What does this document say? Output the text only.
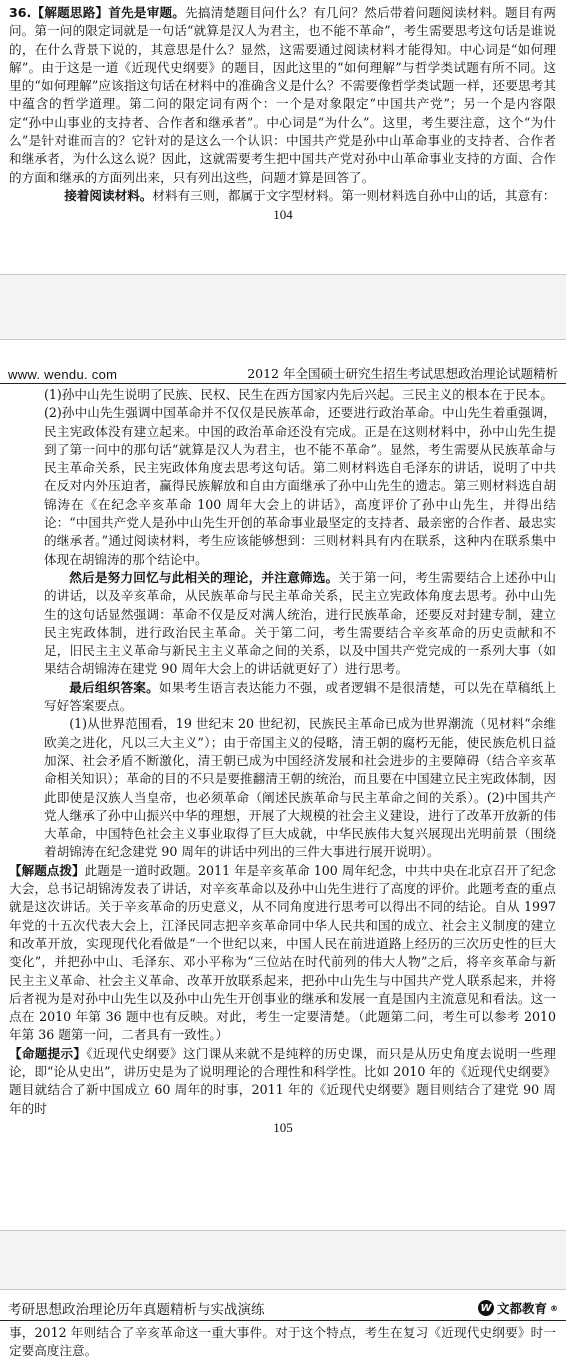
36.【解题思路】首先是审题。先搞清楚题目问什么？有几问？然后带着问题阅读材料。题目有两问。第一问的限定词就是一句话“就算是汉人为君主，也不能不革命”，考生需要思考这句话是谁说的，在什么背景下说的，其意思是什么？显然，这需要通过阅读材料才能得知。中心词是“如何理解”。由于这是一道《近现代史纲要》的题目，因此这里的“如何理解”与哲学类试题有所不同。这里的“如何理解”应该指这句话在材料中的准确含义是什么？不需要像哲学类试题一样，还要思考其中蕴含的哲学道理。第二问的限定词有两个：一个是对象限定“中国共产党”；另一个是内容限定“孙中山事业的支持者、合作者和继承者”。中心词是“为什么”。这里，考生要注意，这个“为什么”是针对谁而言的？它针对的是这么一个认识：中国共产党是孙中山革命事业的支持者、合作者和继承者，为什么这么说？因此，这就需要考生把中国共产党对孙中山革命事业支持的方面、合作的方面和继承的方面列出来，只有列出这些，问题才算是回答了。

接着阅读材料。材料有三则，都属于文字型材料。第一则材料选自孙中山的话，其意有：

104
www. wendu. com	2012 年全国硕士研究生招生考试思想政治理论试题精析

(1)孙中山先生说明了民族、民权、民生在西方国家内先后兴起。三民主义的根本在于民本。

(2)孙中山先生强调中国革命并不仅仅是民族革命，还要进行政治革命。中山先生着重强调，民主宪政体没有建立起来。中国的政治革命还没有完成。正是在这则材料中，孙中山先生提到了第一问中的那句话“就算是汉人为君主，也不能不革命”。显然，考生需要从民族革命与民主革命关系，民主宪政体角度去思考这句话。第二则材料选自毛泽东的讲话，说明了中共在反对内外压迫者，赢得民族解放和自由方面继承了孙中山先生的遗志。第三则材料选自胡锦涛在《在纪念辛亥革命 100 周年大会上的讲话》，高度评价了孙中山先生，并得出结论：“中国共产党人是孙中山先生开创的革命事业最坚定的支持者、最亲密的合作者、最忠实的继承者。”通过阅读材料，考生应该能够想到：三则材料具有内在联系，这种内在联系集中体现在胡锦涛的那个结论中。

然后是努力回忆与此相关的理论，并注意筛选。关于第一问，考生需要结合上述孙中山的讲话，以及辛亥革命，从民族革命与民主革命关系，民主立宪政体角度去思考。孙中山先生的这句话显然强调：革命不仅是反对满人统治，进行民族革命，还要反对封建专制，建立民主宪政体制，进行政治民主革命。关于第二问，考生需要结合辛亥革命的历史贡献和不足，旧民主主义革命与新民主主义革命之间的关系，以及中国共产党完成的一系列大事（如果结合胡锦涛在建党 90 周年大会上的讲话就更好了）进行思考。

最后组织答案。如果考生语言表达能力不强，或者逻辑不是很清楚，可以先在草稿纸上写好答案要点。

(1)从世界范围看，19 世纪末 20 世纪初，民族民主革命已成为世界潮流（见材料“余维欧美之进化，凡以三大主义”）；由于帝国主义的侵略，清王朝的腐朽无能，使民族危机日益加深、社会矛盾不断激化，清王朝已成为中国经济发展和社会进步的主要障碍（结合辛亥革命相关知识）；革命的目的不只是要推翻清王朝的统治，而且要在中国建立民主宪政体制，因此即使是汉族人当皇帝，也必须革命（阐述民族革命与民主革命之间的关系）。(2)中国共产党人继承了孙中山振兴中华的理想，开展了大规模的社会主义建设，进行了改革开放新的伟大革命，中国特色社会主义事业取得了巨大成就，中华民族伟大复兴展现出光明前景（围绕着胡锦涛在纪念建党 90 周年的讲话中列出的三件大事进行展开说明）。

【解题点拨】此题是一道时政题。2011 年是辛亥革命 100 周年纪念，中共中央在北京召开了纪念大会，总书记胡锦涛发表了讲话，对辛亥革命以及孙中山先生进行了高度的评价。此题考查的重点就是这次讲话。关于辛亥革命的历史意义，从不同角度进行思考可以得出不同的结论。自从 1997 年党的十五次代表大会上，江泽民同志把辛亥革命同中华人民共和国的成立、社会主义制度的建立和改革开放，实现现代化看做是“一个世纪以来，中国人民在前进道路上经历的三次历史性的巨大变化”，并把孙中山、毛泽东、邓小平称为“三位站在时代前列的伟大人物”之后，将辛亥革命与新民主主义革命、社会主义革命、改革开放联系起来，把孙中山先生与中国共产党人联系起来，并将后者视为是对孙中山先生以及孙中山先生开创事业的继承和发展一直是国内主流意见和看法。这一点在 2010 年第 36 题中也有反映。对此，考生一定要清楚。（此题第二问，考生可以参考 2010 年第 36 题第一问，二者具有一致性。）

【命题提示】《近现代史纲要》这门课从来就不是纯粹的历史课，而只是从历史角度去说明一些理论，即“论从史出”，讲历史是为了说明理论的合理性和科学性。比如 2010 年的《近现代史纲要》题目就结合了新中国成立 60 周年的时事，2011 年的《近现代史纲要》题目则结合了建党 90 周年的时

105
考研思想政治理论历年真题精析与实战演练	W 文都教育 ®

事，2012 年则结合了辛亥革命这一重大事件。对于这个特点，考生在复习《近现代史纲要》时一定要高度注意。
